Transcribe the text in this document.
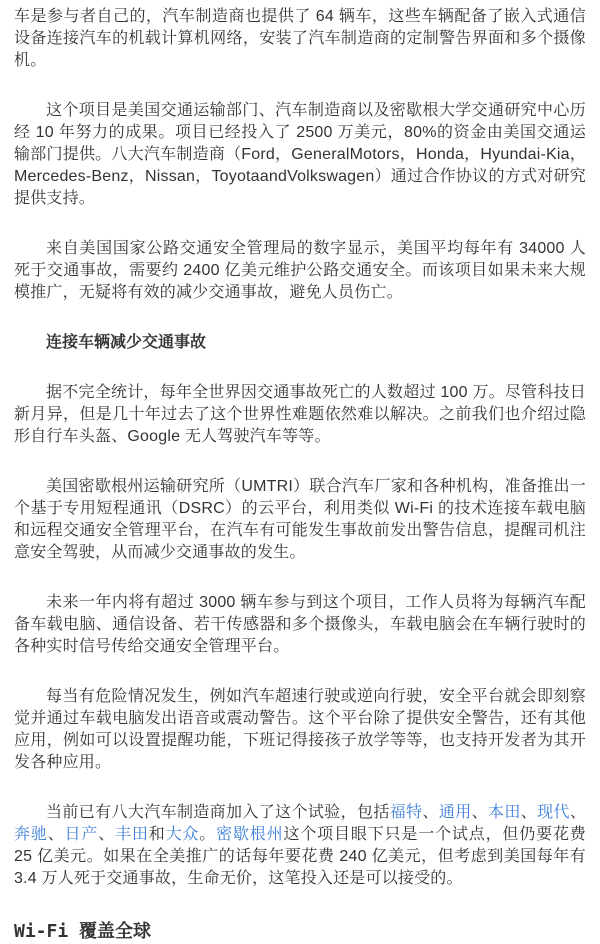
车是参与者自己的，汽车制造商也提供了 64 辆车，这些车辆配备了嵌入式通信设备连接汽车的机载计算机网络，安装了汽车制造商的定制警告界面和多个摄像机。

这个项目是美国交通运输部门、汽车制造商以及密歇根大学交通研究中心历经 10 年努力的成果。项目已经投入了 2500 万美元，80%的资金由美国交通运输部门提供。八大汽车制造商（Ford，GeneralMotors，Honda，Hyundai-Kia，Mercedes-Benz，Nissan，ToyotaandVolkswagen）通过合作协议的方式对研究提供支持。

来自美国国家公路交通安全管理局的数字显示，美国平均每年有 34000 人死于交通事故，需要约 2400 亿美元维护公路交通安全。而该项目如果未来大规模推广，无疑将有效的减少交通事故，避免人员伤亡。

连接车辆减少交通事故

据不完全统计，每年全世界因交通事故死亡的人数超过 100 万。尽管科技日新月异，但是几十年过去了这个世界性难题依然难以解决。之前我们也介绍过隐形自行车头盔、Google 无人驾驶汽车等等。

美国密歇根州运输研究所（UMTRI）联合汽车厂家和各种机构，准备推出一个基于专用短程通讯（DSRC）的云平台，利用类似 Wi-Fi 的技术连接车载电脑和远程交通安全管理平台，在汽车有可能发生事故前发出警告信息，提醒司机注意安全驾驶，从而减少交通事故的发生。

未来一年内将有超过 3000 辆车参与到这个项目，工作人员将为每辆汽车配备车载电脑、通信设备、若干传感器和多个摄像头，车载电脑会在车辆行驶时的各种实时信号传给交通安全管理平台。

每当有危险情况发生，例如汽车超速行驶或逆向行驶，安全平台就会即刻察觉并通过车载电脑发出语音或震动警告。这个平台除了提供安全警告，还有其他应用，例如可以设置提醒功能，下班记得接孩子放学等等，也支持开发者为其开发各种应用。

当前已有八大汽车制造商加入了这个试验，包括福特、通用、本田、现代、奔驰、日产、丰田和大众。密歇根州这个项目眼下只是一个试点，但仍要花费 25 亿美元。如果在全美推广的话每年要花费 240 亿美元，但考虑到美国每年有 3.4 万人死于交通事故，生命无价，这笔投入还是可以接受的。

Wi-Fi 覆盖全球
